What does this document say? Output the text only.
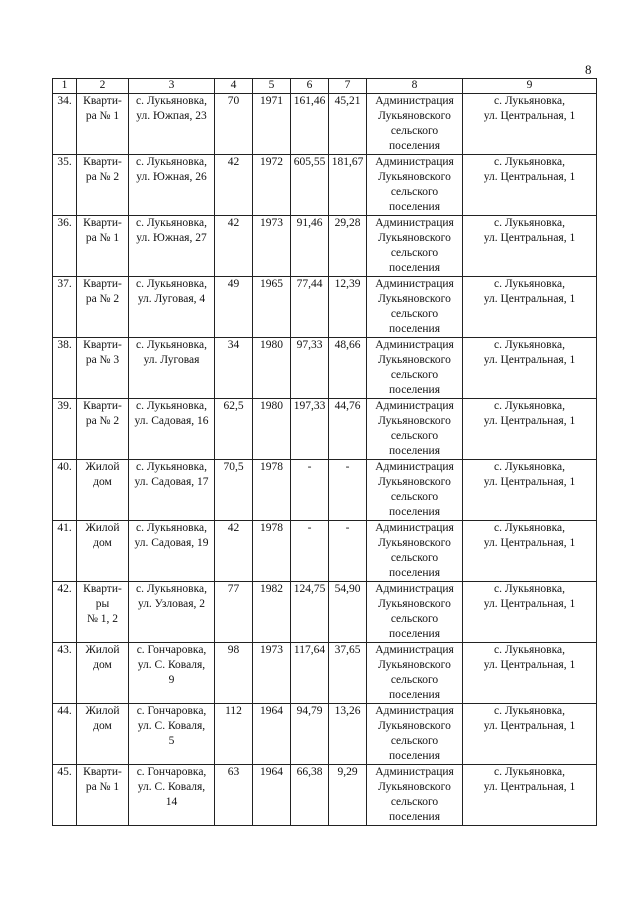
8
1	2	3	4	5	6	7	8	9
34.	Кварти-
ра № 1	с. Лукьяновка,
ул. Южпая, 23	70	1971	161,46	45,21	Администрация
Лукьяновского
сельского
поселения	с. Лукьяновка,
ул. Центральная, 1
35.	Кварти-
ра № 2	с. Лукьяновка,
ул. Южная, 26	42	1972	605,55	181,67	Администрация
Лукьяновского
сельского
поселения	с. Лукьяновка,
ул. Центральная, 1
36.	Кварти-
ра № 1	с. Лукьяновка,
ул. Южная, 27	42	1973	91,46	29,28	Администрация
Лукьяновского
сельского
поселения	с. Лукьяновка,
ул. Центральная, 1
37.	Кварти-
ра № 2	с. Лукьяновка,
ул. Луговая, 4	49	1965	77,44	12,39	Администрация
Лукьяновского
сельского
поселения	с. Лукьяновка,
ул. Центральная, 1
38.	Кварти-
ра № 3	с. Лукьяновка,
ул. Луговая	34	1980	97,33	48,66	Администрация
Лукьяновского
сельского
поселения	с. Лукьяновка,
ул. Центральная, 1
39.	Кварти-
ра № 2	с. Лукьяновка,
ул. Садовая, 16	62,5	1980	197,33	44,76	Администрация
Лукьяновского
сельского
поселения	с. Лукьяновка,
ул. Центральная, 1
40.	Жилой
дом	с. Лукьяновка,
ул. Садовая, 17	70,5	1978	-	-	Администрация
Лукьяновского
сельского
поселения	с. Лукьяновка,
ул. Центральная, 1
41.	Жилой
дом	с. Лукьяновка,
ул. Садовая, 19	42	1978	-	-	Администрация
Лукьяновского
сельского
поселения	с. Лукьяновка,
ул. Центральная, 1
42.	Кварти-
ры
№ 1, 2	с. Лукьяновка,
ул. Узловая, 2	77	1982	124,75	54,90	Администрация
Лукьяновского
сельского
поселения	с. Лукьяновка,
ул. Центральная, 1
43.	Жилой
дом	с. Гончаровка,
ул. С. Коваля,
9	98	1973	117,64	37,65	Администрация
Лукьяновского
сельского
поселения	с. Лукьяновка,
ул. Центральная, 1
44.	Жилой
дом	с. Гончаровка,
ул. С. Коваля,
5	112	1964	94,79	13,26	Администрация
Лукьяновского
сельского
поселения	с. Лукьяновка,
ул. Центральная, 1
45.	Кварти-
ра № 1	с. Гончаровка,
ул. С. Коваля,
14	63	1964	66,38	9,29	Администрация
Лукьяновского
сельского
поселения	с. Лукьяновка,
ул. Центральная, 1
